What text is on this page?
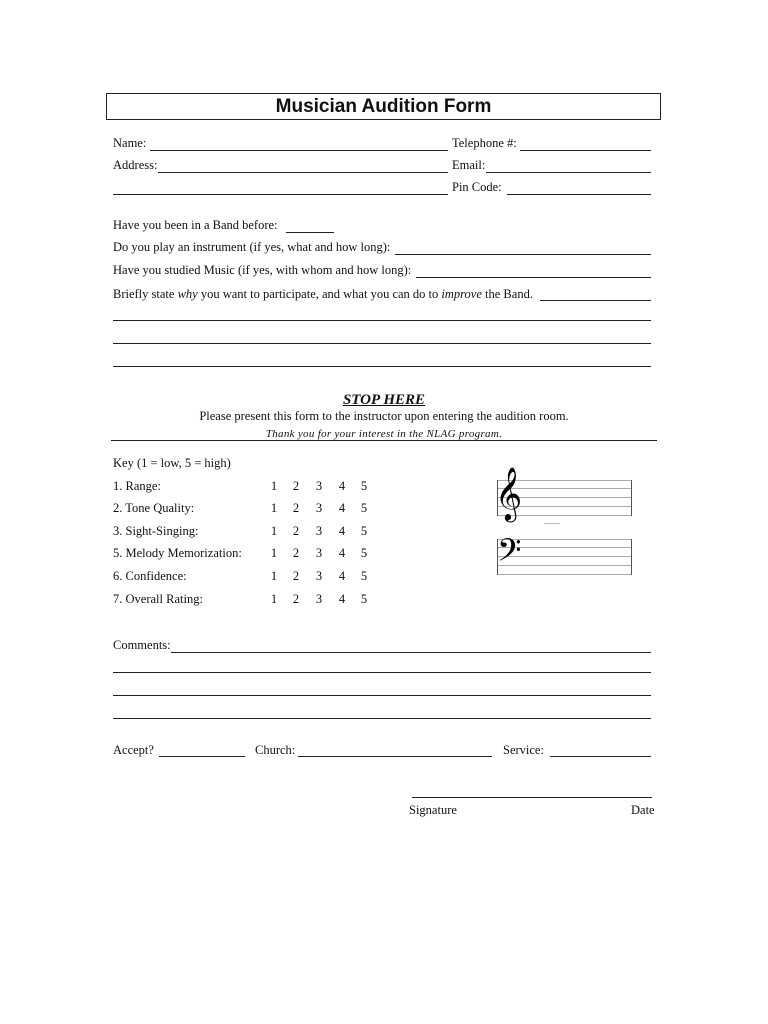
Musician Audition Form
Name:	Telephone #:
Address:	Email:
Pin Code:
Have you been in a Band before:
Do you play an instrument (if yes, what and how long):
Have you studied Music (if yes, with whom and how long):
Briefly state why you want to participate, and what you can do to improve the Band.
STOP HERE
Please present this form to the instructor upon entering the audition room.
Thank you for your interest in the NLAG program.
Key (1 = low, 5 = high)
1. Range:	1 2 3 4 5
2. Tone Quality:	1 2 3 4 5
3. Sight-Singing:	1 2 3 4 5
5. Melody Memorization: 1 2 3 4 5
6. Confidence:	1 2 3 4 5
7. Overall Rating:	1 2 3 4 5
𝄞
𝄢
Comments:
Accept?	Church:	Service:
Signature	Date
